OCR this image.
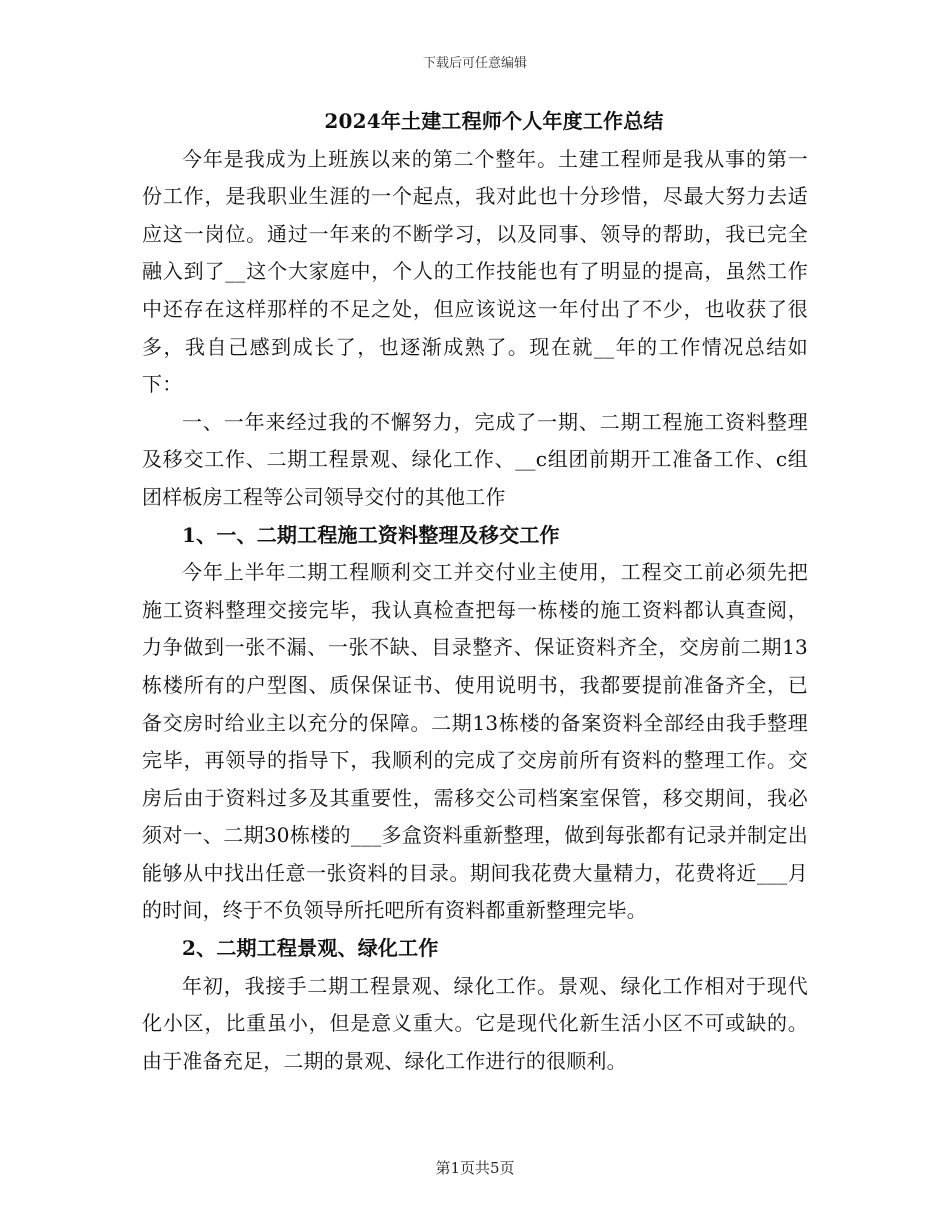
下载后可任意编辑
2024年土建工程师个人年度工作总结

今年是我成为上班族以来的第二个整年。土建工程师是我从事的第一份工作，是我职业生涯的一个起点，我对此也十分珍惜，尽最大努力去适应这一岗位。通过一年来的不断学习，以及同事、领导的帮助，我已完全融入到了__这个大家庭中，个人的工作技能也有了明显的提高，虽然工作中还存在这样那样的不足之处，但应该说这一年付出了不少，也收获了很多，我自己感到成长了，也逐渐成熟了。现在就__年的工作情况总结如下：

一、一年来经过我的不懈努力，完成了一期、二期工程施工资料整理及移交工作、二期工程景观、绿化工作、__c组团前期开工准备工作、c组团样板房工程等公司领导交付的其他工作

1、一、二期工程施工资料整理及移交工作

今年上半年二期工程顺利交工并交付业主使用，工程交工前必须先把施工资料整理交接完毕，我认真检查把每一栋楼的施工资料都认真查阅，力争做到一张不漏、一张不缺、目录整齐、保证资料齐全，交房前二期13栋楼所有的户型图、质保保证书、使用说明书，我都要提前准备齐全，已备交房时给业主以充分的保障。二期13栋楼的备案资料全部经由我手整理完毕，再领导的指导下，我顺利的完成了交房前所有资料的整理工作。交房后由于资料过多及其重要性，需移交公司档案室保管，移交期间，我必须对一、二期30栋楼的___多盒资料重新整理，做到每张都有记录并制定出能够从中找出任意一张资料的目录。期间我花费大量精力，花费将近___月的时间，终于不负领导所托吧所有资料都重新整理完毕。

2、二期工程景观、绿化工作

年初，我接手二期工程景观、绿化工作。景观、绿化工作相对于现代化小区，比重虽小，但是意义重大。它是现代化新生活小区不可或缺的。由于准备充足，二期的景观、绿化工作进行的很顺利。

第1页共5页
